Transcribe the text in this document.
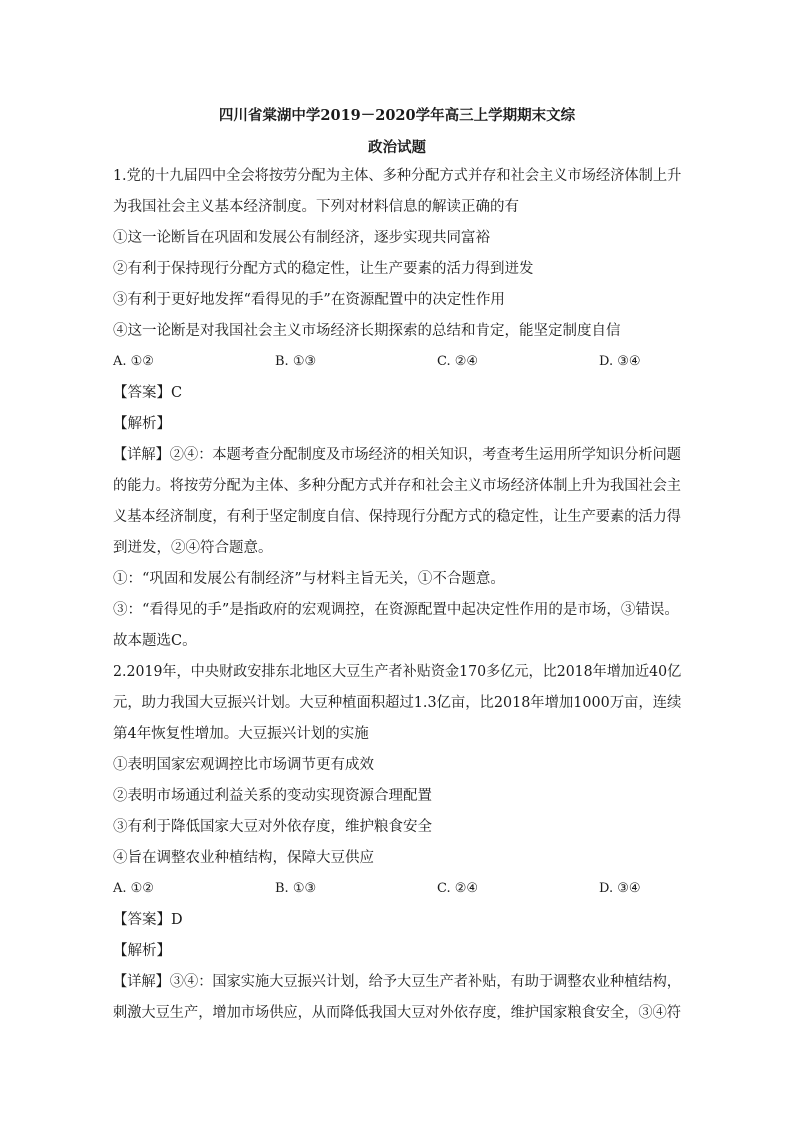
四川省棠湖中学2019－2020学年高三上学期期末文综
政治试题
1.党的十九届四中全会将按劳分配为主体、多种分配方式并存和社会主义市场经济体制上升
为我国社会主义基本经济制度。下列对材料信息的解读正确的有
①这一论断旨在巩固和发展公有制经济，逐步实现共同富裕
②有利于保持现行分配方式的稳定性，让生产要素的活力得到迸发
③有利于更好地发挥“看得见的手”在资源配置中的决定性作用
④这一论断是对我国社会主义市场经济长期探索的总结和肯定，能坚定制度自信
A. ①②	B. ①③	C. ②④	D. ③④
【答案】C
【解析】
【详解】②④：本题考查分配制度及市场经济的相关知识，考查考生运用所学知识分析问题
的能力。将按劳分配为主体、多种分配方式并存和社会主义市场经济体制上升为我国社会主
义基本经济制度，有利于坚定制度自信、保持现行分配方式的稳定性，让生产要素的活力得
到迸发，②④符合题意。
①：“巩固和发展公有制经济”与材料主旨无关，①不合题意。
③：“看得见的手”是指政府的宏观调控，在资源配置中起决定性作用的是市场，③错误。
故本题选C。
2.2019年，中央财政安排东北地区大豆生产者补贴资金170多亿元，比2018年增加近40亿
元，助力我国大豆振兴计划。大豆种植面积超过1.3亿亩，比2018年增加1000万亩，连续
第4年恢复性增加。大豆振兴计划的实施
①表明国家宏观调控比市场调节更有成效
②表明市场通过利益关系的变动实现资源合理配置
③有利于降低国家大豆对外依存度，维护粮食安全
④旨在调整农业种植结构，保障大豆供应
A. ①②	B. ①③	C. ②④	D. ③④
【答案】D
【解析】
【详解】③④：国家实施大豆振兴计划，给予大豆生产者补贴，有助于调整农业种植结构，
刺激大豆生产，增加市场供应，从而降低我国大豆对外依存度，维护国家粮食安全，③④符
